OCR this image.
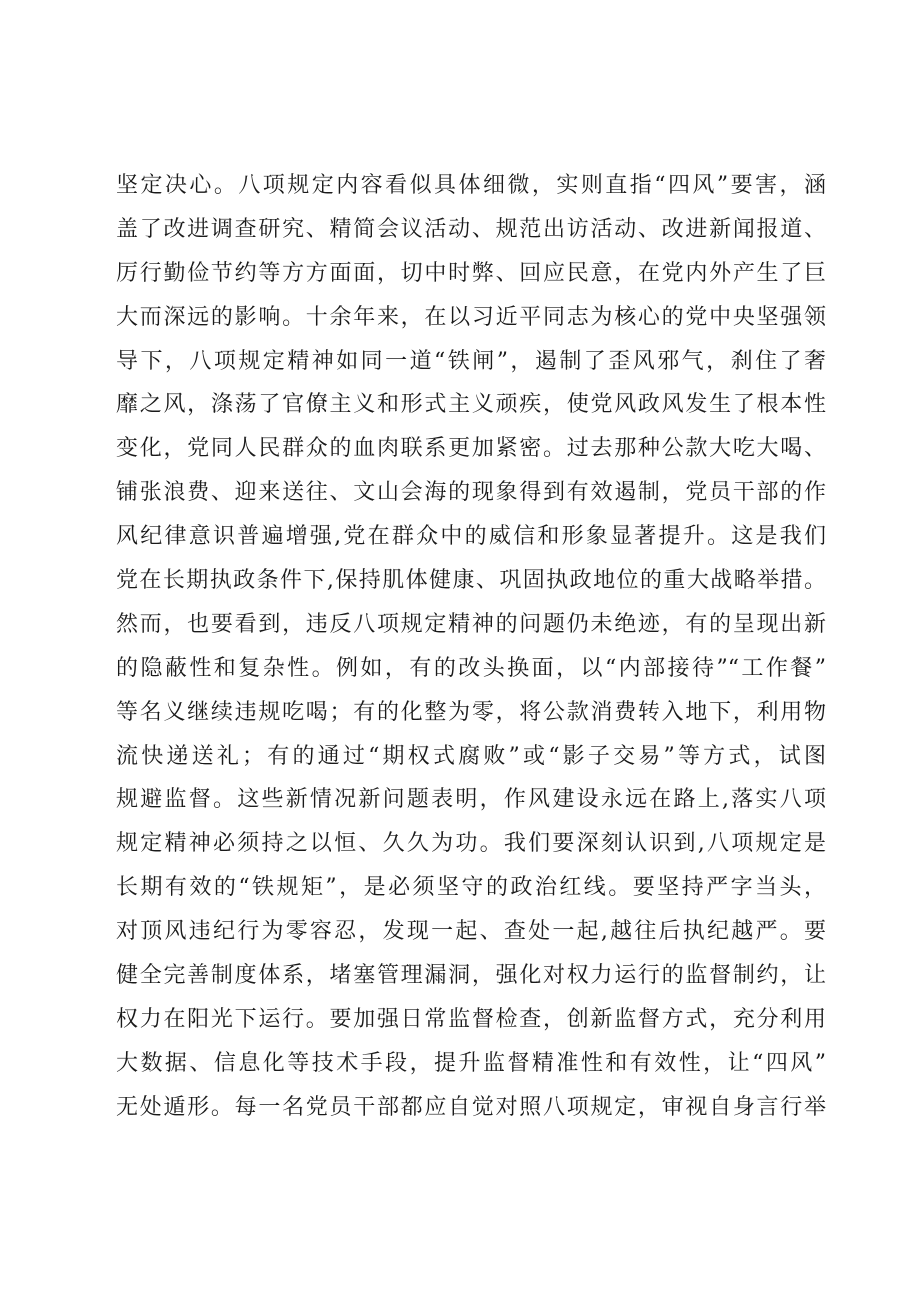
坚定决心。八项规定内容看似具体细微，实则直指“四风”要害，涵
盖了改进调查研究、精简会议活动、规范出访活动、改进新闻报道、
厉行勤俭节约等方方面面，切中时弊、回应民意，在党内外产生了巨
大而深远的影响。十余年来，在以习近平同志为核心的党中央坚强领
导下，八项规定精神如同一道“铁闸”，遏制了歪风邪气，刹住了奢
靡之风，涤荡了官僚主义和形式主义顽疾，使党风政风发生了根本性
变化，党同人民群众的血肉联系更加紧密。过去那种公款大吃大喝、
铺张浪费、迎来送往、文山会海的现象得到有效遏制，党员干部的作
风纪律意识普遍增强,党在群众中的威信和形象显著提升。这是我们
党在长期执政条件下,保持肌体健康、巩固执政地位的重大战略举措。
然而，也要看到，违反八项规定精神的问题仍未绝迹，有的呈现出新
的隐蔽性和复杂性。例如，有的改头换面，以“内部接待”“工作餐”
等名义继续违规吃喝；有的化整为零，将公款消费转入地下，利用物
流快递送礼；有的通过“期权式腐败”或“影子交易”等方式，试图
规避监督。这些新情况新问题表明，作风建设永远在路上,落实八项
规定精神必须持之以恒、久久为功。我们要深刻认识到,八项规定是
长期有效的“铁规矩”，是必须坚守的政治红线。要坚持严字当头，
对顶风违纪行为零容忍，发现一起、查处一起,越往后执纪越严。要
健全完善制度体系，堵塞管理漏洞，强化对权力运行的监督制约，让
权力在阳光下运行。要加强日常监督检查，创新监督方式，充分利用
大数据、信息化等技术手段，提升监督精准性和有效性，让“四风”
无处遁形。每一名党员干部都应自觉对照八项规定，审视自身言行举
